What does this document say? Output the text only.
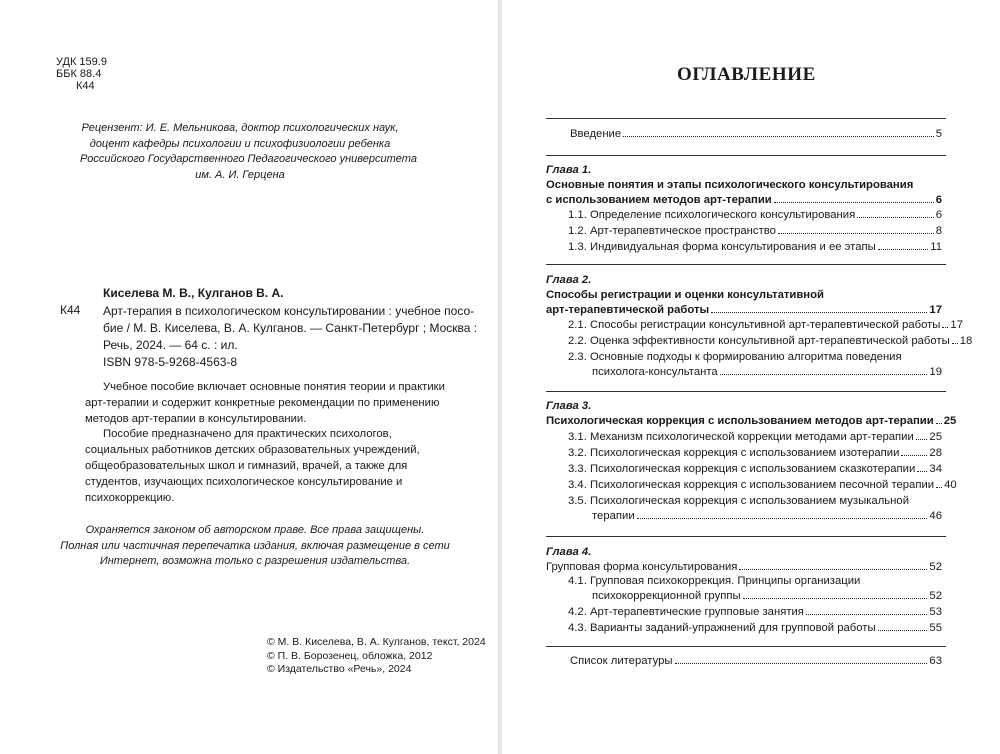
УДК 159.9
ББК 88.4
К44
Рецензент: И. Е. Мельникова, доктор психологических наук,
доцент кафедры психологии и психофизиологии ребенка
Российского Государственного Педагогического университета
им. А. И. Герцена
Киселева М. В., Кулганов В. А.
К44 Арт-терапия в психологическом консультировании : учебное посо-
бие / М. В. Киселева, В. А. Кулганов. — Санкт-Петербург ; Москва :
Речь, 2024. — 64 с. : ил.
ISBN 978-5-9268-4563-8

Учебное пособие включает основные понятия теории и практики арт-терапии и содержит конкретные рекомендации по применению методов арт-терапии в консультировании.

Пособие предназначено для практических психологов, социальных работников детских образовательных учреждений, общеобразовательных школ и гимназий, врачей, а также для студентов, изучающих психологическое консультирование и психокоррекцию.

Охраняется законом об авторском праве. Все права защищены.
Полная или частичная перепечатка издания, включая размещение в сети
Интернет, возможна только с разрешения издательства.
© М. В. Киселева, В. А. Кулганов, текст, 2024
© П. В. Борозенец, обложка, 2012
© Издательство «Речь», 2024
ОГЛАВЛЕНИЕ
Введение	5
Глава 1.
Основные понятия и этапы психологического консультирования
с использованием методов арт-терапии	6
1.1. Определение психологического консультирования	6
1.2. Арт-терапевтическое пространство	8
1.3. Индивидуальная форма консультирования и ее этапы	11
Глава 2.
Способы регистрации и оценки консультативной
арт-терапевтической работы	17
2.1. Способы регистрации консультивной арт-терапевтической работы 17
2.2. Оценка эффективности консультивной арт-терапевтической работы 18
2.3. Основные подходы к формированию алгоритма поведения
психолога-консультанта	19
Глава 3.
Психологическая коррекция с использованием методов арт-терапии 25
3.1. Механизм психологической коррекции методами арт-терапии 25
3.2. Психологическая коррекция с использованием изотерапии	28
3.3. Психологическая коррекция с использованием сказкотерапии 34
3.4. Психологическая коррекция с использованием песочной терапии 40
3.5. Психологическая коррекция с использованием музыкальной
терапии	46
Глава 4.
Групповая форма консультирования	52
4.1. Групповая психокоррекция. Принципы организации
психокоррекционной группы	52
4.2. Арт-терапевтические групповые занятия	53
4.3. Варианты заданий-упражнений для групповой работы	55
Список литературы	63
